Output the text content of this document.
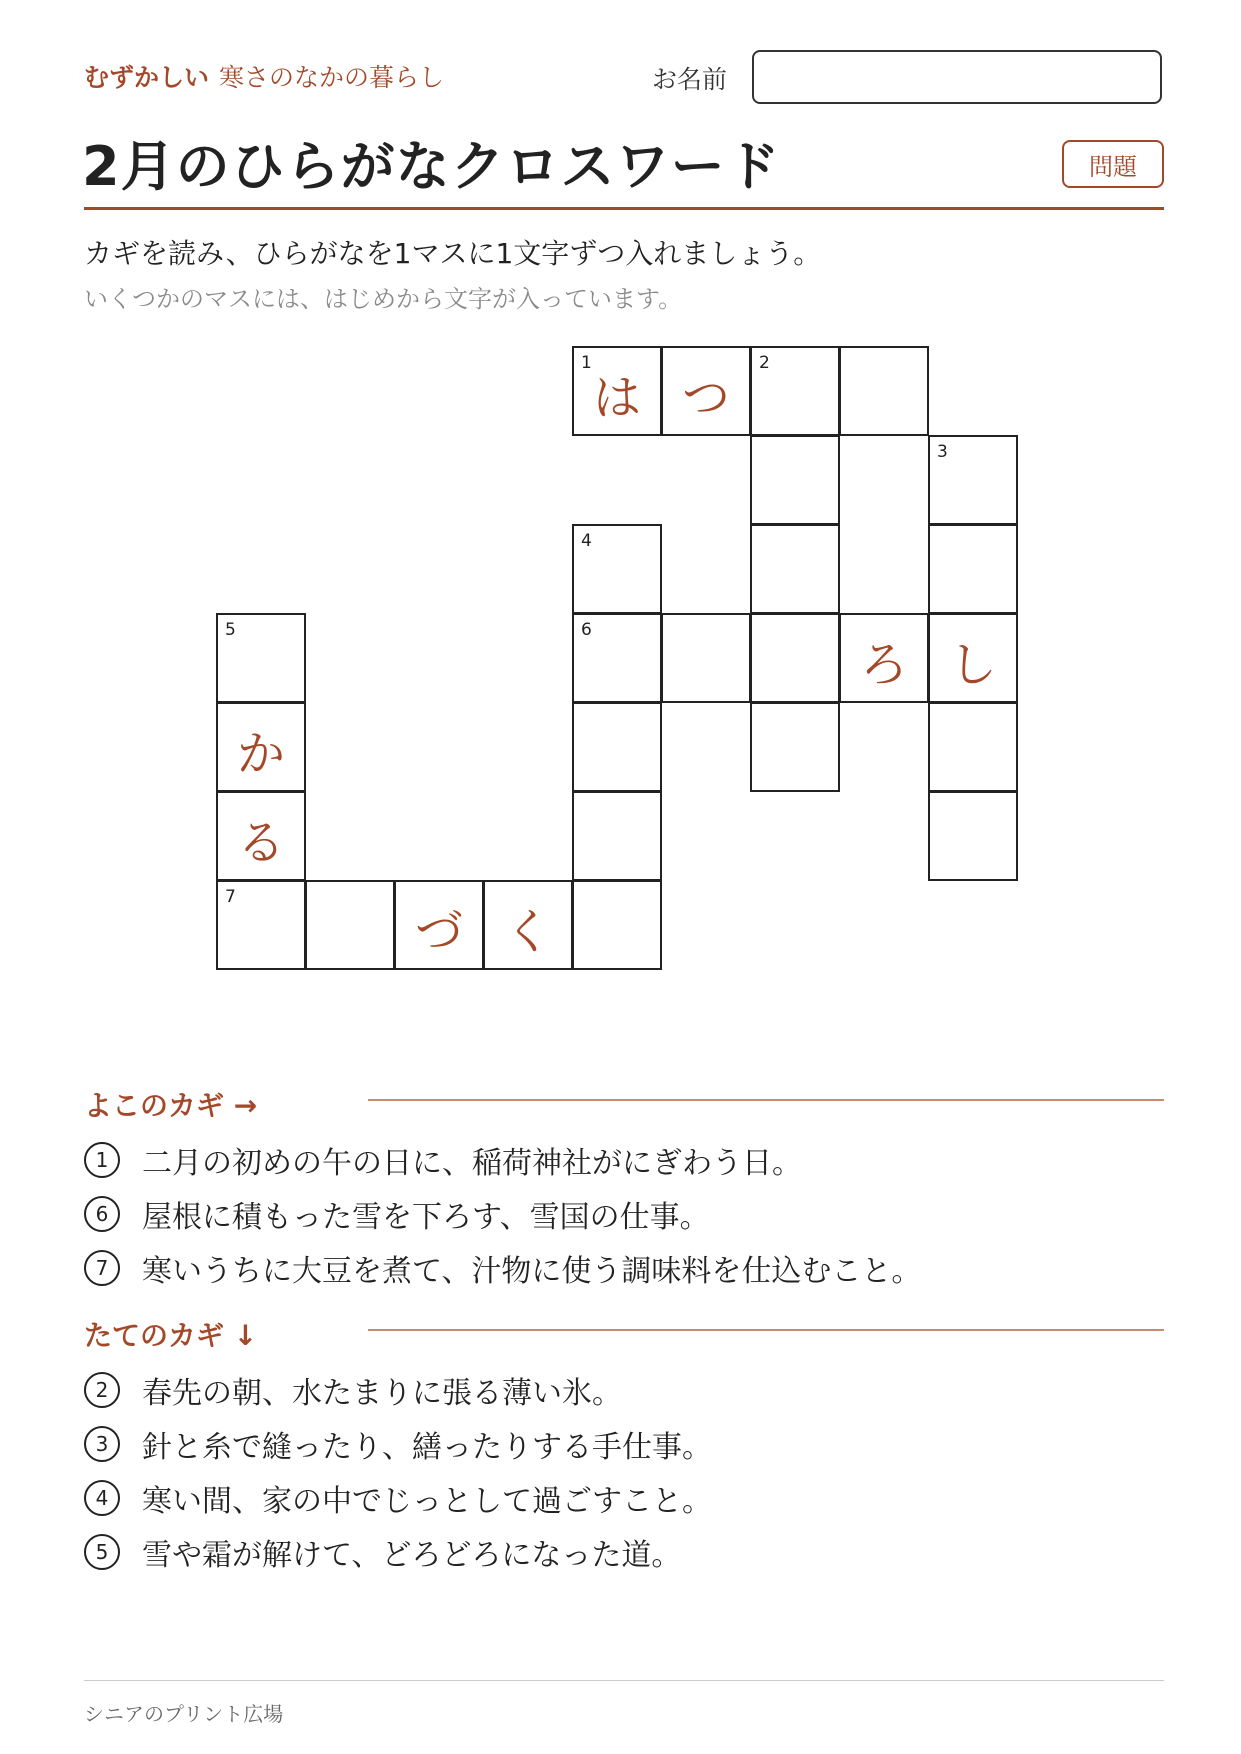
むずかしい 寒さのなかの暮らし	お名前
2月のひらがなクロスワード	問題
カギを読み、ひらがなを1マスに1文字ずつ入れましょう。
いくつかのマスには、はじめから文字が入っています。
1
は つ
2
3
4
5	6
ろ し
か
る
7
づ く
よこのカギ →
1	二月の初めの午の日に、稲荷神社がにぎわう日。
6	屋根に積もった雪を下ろす、雪国の仕事。
7	寒いうちに大豆を煮て、汁物に使う調味料を仕込むこと。
たてのカギ ↓
2	春先の朝、水たまりに張る薄い氷。
3	針と糸で縫ったり、繕ったりする手仕事。
4	寒い間、家の中でじっとして過ごすこと。
5	雪や霜が解けて、どろどろになった道。
シニアのプリント広場
